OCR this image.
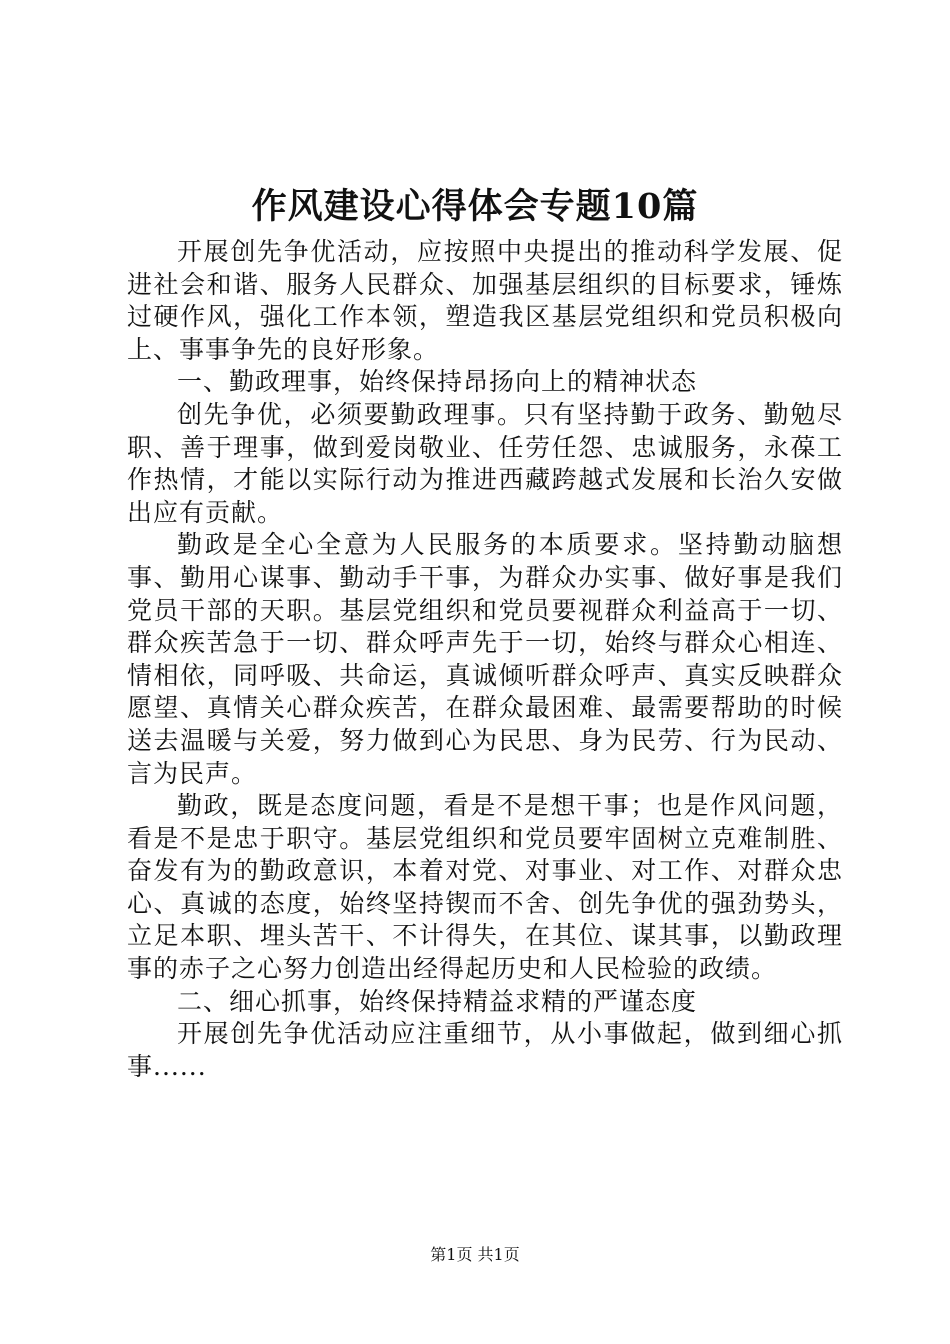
作风建设心得体会专题10篇

开展创先争优活动，应按照中央提出的推动科学发展、促进社会和谐、服务人民群众、加强基层组织的目标要求，锤炼过硬作风，强化工作本领，塑造我区基层党组织和党员积极向上、事事争先的良好形象。

一、勤政理事，始终保持昂扬向上的精神状态

创先争优，必须要勤政理事。只有坚持勤于政务、勤勉尽职、善于理事，做到爱岗敬业、任劳任怨、忠诚服务，永葆工作热情，才能以实际行动为推进西藏跨越式发展和长治久安做出应有贡献。

勤政是全心全意为人民服务的本质要求。坚持勤动脑想事、勤用心谋事、勤动手干事，为群众办实事、做好事是我们党员干部的天职。基层党组织和党员要视群众利益高于一切、群众疾苦急于一切、群众呼声先于一切，始终与群众心相连、情相依，同呼吸、共命运，真诚倾听群众呼声、真实反映群众愿望、真情关心群众疾苦，在群众最困难、最需要帮助的时候送去温暖与关爱，努力做到心为民思、身为民劳、行为民动、言为民声。

勤政，既是态度问题，看是不是想干事；也是作风问题，看是不是忠于职守。基层党组织和党员要牢固树立克难制胜、奋发有为的勤政意识，本着对党、对事业、对工作、对群众忠心、真诚的态度，始终坚持锲而不舍、创先争优的强劲势头，立足本职、埋头苦干、不计得失，在其位、谋其事，以勤政理事的赤子之心努力创造出经得起历史和人民检验的政绩。

二、细心抓事，始终保持精益求精的严谨态度

开展创先争优活动应注重细节，从小事做起，做到细心抓事......

第1页 共1页
